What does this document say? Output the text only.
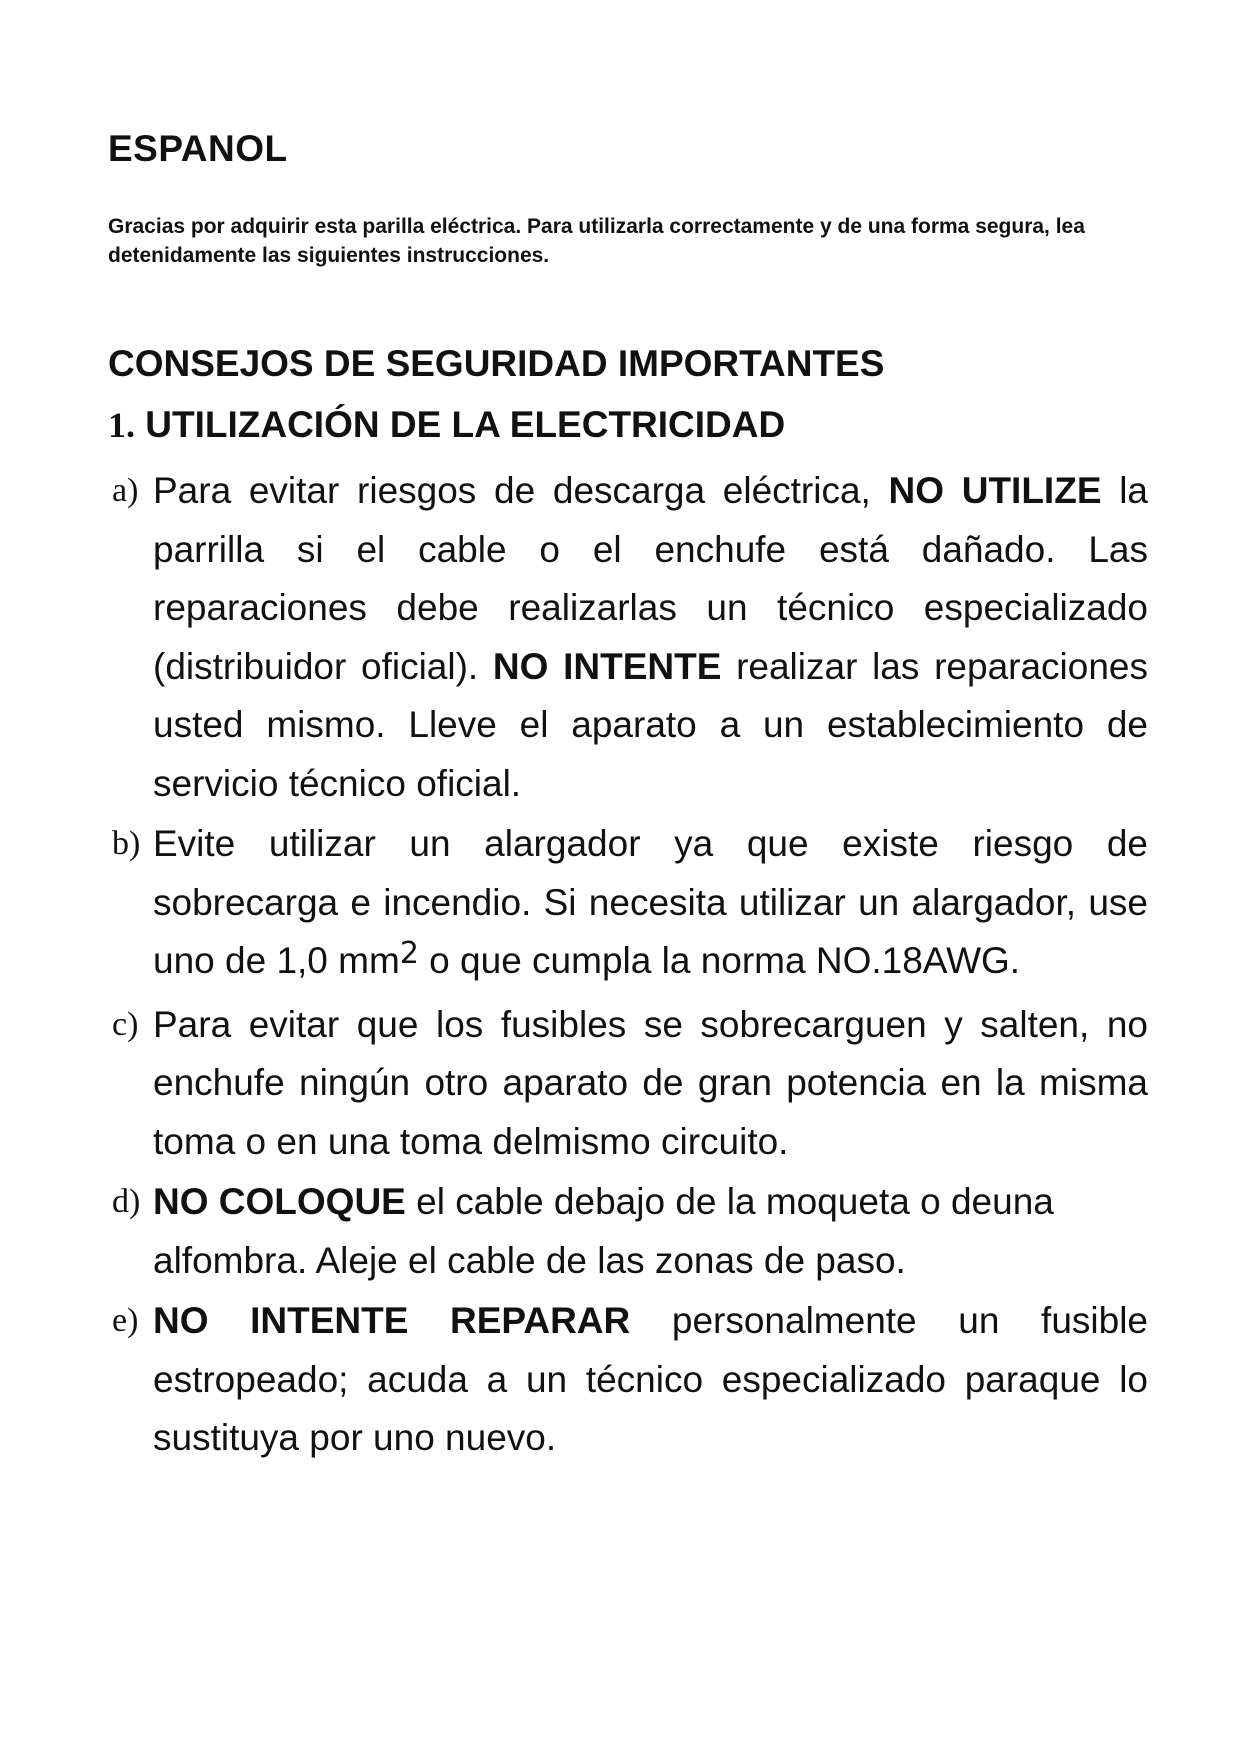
ESPANOL

Gracias por adquirir esta parilla eléctrica. Para utilizarla correctamente y de una forma segura, lea detenidamente las siguientes instrucciones.

CONSEJOS DE SEGURIDAD IMPORTANTES
1. UTILIZACIÓN DE LA ELECTRICIDAD
a) Para evitar riesgos de descarga eléctrica, NO UTILIZE la parrilla si el cable o el enchufe está dañado. Las reparaciones debe realizarlas un técnico especializado (distribuidor oficial). NO INTENTE realizar las reparaciones usted mismo. Lleve el aparato a un establecimiento de servicio técnico oficial.
b) Evite utilizar un alargador ya que existe riesgo de sobrecarga e incendio. Si necesita utilizar un alargador, use uno de 1,0 $mm^2$ o que cumpla la norma NO.18AWG.
c) Para evitar que los fusibles se sobrecarguen y salten, no enchufe ningún otro aparato de gran potencia en la misma toma o en una toma delmismo circuito.
d) NO COLOQUE el cable debajo de la moqueta o deuna alfombra. Aleje el cable de las zonas de paso.
e) NO INTENTE REPARAR personalmente un fusible estropeado; acuda a un técnico especializado paraque lo sustituya por uno nuevo.
